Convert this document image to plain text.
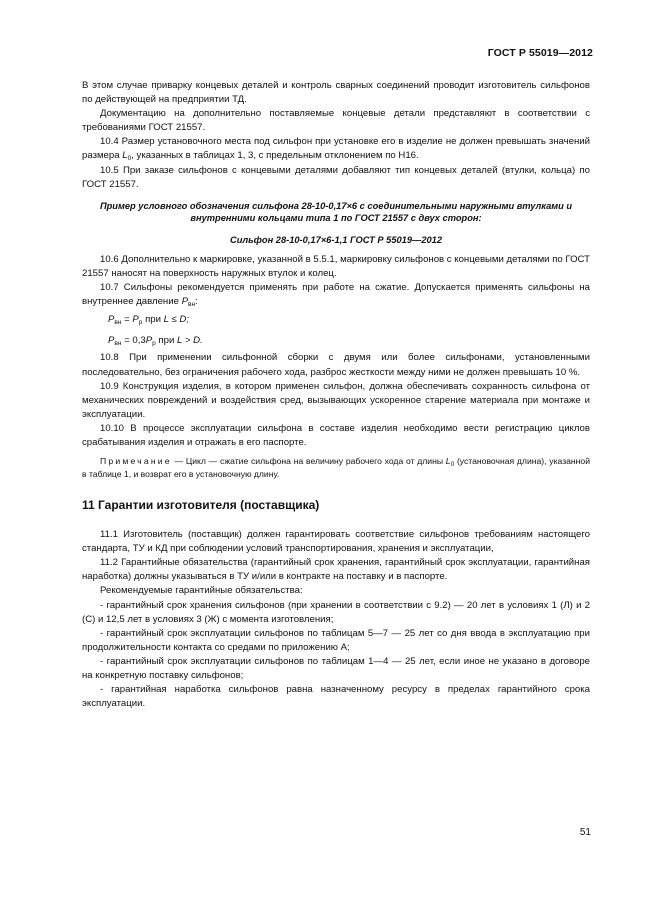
ГОСТ Р 55019—2012

В этом случае приварку концевых деталей и контроль сварных соединений проводит изготовитель сильфонов по действующей на предприятии ТД.

Документацию на дополнительно поставляемые концевые детали представляют в соответствии с требованиями ГОСТ 21557.

10.4 Размер установочного места под сильфон при установке его в изделие не должен превышать значений размера $L_0$, указанных в таблицах 1, 3, с предельным отклонением по Н16.

10.5 При заказе сильфонов с концевыми деталями добавляют тип концевых деталей (втулки, кольца) по ГОСТ 21557.

Пример условного обозначения сильфона 28-10-0,17×6 с соединительными наружными втулками и внутренними кольцами типа 1 по ГОСТ 21557 с двух сторон:

Сильфон 28-10-0,17×6-1,1 ГОСТ Р 55019—2012

10.6 Дополнительно к маркировке, указанной в 5.5.1, маркировку сильфонов с концевыми деталями по ГОСТ 21557 наносят на поверхность наружных втулок и колец.

10.7 Сильфоны рекомендуется применять при работе на сжатие. Допускается применять сильфоны на внутреннее давление $P_{вн}$:

$P_{вн} = P_p$ при L ≤ D;

$P_{вн} = 0,3P_p$ при L > D.

10.8 При применении сильфонной сборки с двумя или более сильфонами, установленными последовательно, без ограничения рабочего хода, разброс жесткости между ними не должен превышать 10 %.

10.9 Конструкция изделия, в котором применен сильфон, должна обеспечивать сохранность сильфона от механических повреждений и воздействия сред, вызывающих ускоренное старение материала при монтаже и эксплуатации.

10.10 В процессе эксплуатации сильфона в составе изделия необходимо вести регистрацию циклов срабатывания изделия и отражать в его паспорте.

Примечание — Цикл — сжатие сильфона на величину рабочего хода от длины $L_0$ (установочная длина), указанной в таблице 1, и возврат его в установочную длину.

11 Гарантии изготовителя (поставщика)

11.1 Изготовитель (поставщик) должен гарантировать соответствие сильфонов требованиям настоящего стандарта, ТУ и КД при соблюдении условий транспортирования, хранения и эксплуатации,

11.2 Гарантийные обязательства (гарантийный срок хранения, гарантийный срок эксплуатации, гарантийная наработка) должны указываться в ТУ и/или в контракте на поставку и в паспорте.

Рекомендуемые гарантийные обязательства:

- гарантийный срок хранения сильфонов (при хранении в соответствии с 9.2) — 20 лет в условиях 1 (Л) и 2 (С) и 12,5 лет в условиях 3 (Ж) с момента изготовления;

- гарантийный срок эксплуатации сильфонов по таблицам 5—7 — 25 лет со дня ввода в эксплуатацию при продолжительности контакта со средами по приложению А;

- гарантийный срок эксплуатации сильфонов по таблицам 1—4 — 25 лет, если иное не указано в договоре на конкретную поставку сильфонов;

- гарантийная наработка сильфонов равна назначенному ресурсу в пределах гарантийного срока эксплуатации.

51
